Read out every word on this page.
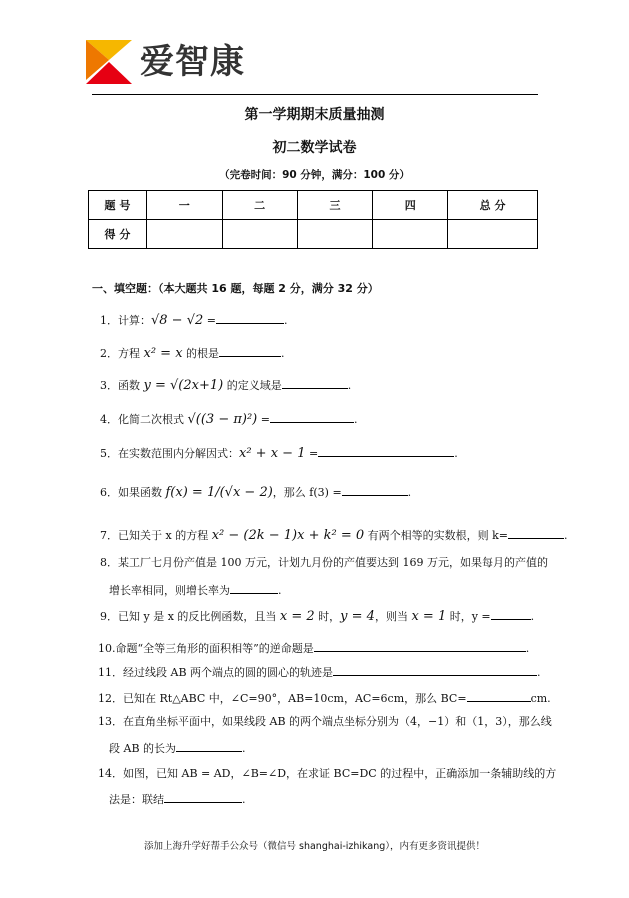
爱智康
第一学期期末质量抽测
初二数学试卷
（完卷时间：90 分钟，满分：100 分）
题 号	一	二	三	四	总 分
得 分					
一、填空题：（本大题共 16 题，每题 2 分，满分 32 分）
1．计算：√8 − √2 =	.
2．方程 x² = x 的根是	.
3．函数 y = √(2x+1) 的定义域是	.
4．化简二次根式 √((3 − π)²) =	.
5．在实数范围内分解因式：x² + x − 1 =	.
6．如果函数 f(x) = 1/(√x − 2)，那么 f(3) =	.
7．已知关于 x 的方程 x² − (2k − 1)x + k² = 0 有两个相等的实数根，则 k=	.
8．某工厂七月份产值是 100 万元，计划九月份的产值要达到 169 万元，如果每月的产值的
增长率相同，则增长率为	.
9．已知 y 是 x 的反比例函数，且当 x = 2 时，y = 4，则当 x = 1 时，y =	.
10.命题“全等三角形的面积相等”的逆命题是	.
11．经过线段 AB 两个端点的圆的圆心的轨迹是	.
12．已知在 Rt△ABC 中，∠C=90°，AB=10cm，AC=6cm，那么 BC=	cm.
13．在直角坐标平面中，如果线段 AB 的两个端点坐标分别为（4，−1）和（1，3），那么线
段 AB 的长为	.
14．如图，已知 AB = AD，∠B=∠D，在求证 BC=DC 的过程中，正确添加一条辅助线的方
法是：联结	.
添加上海升学好帮手公众号（微信号 shanghai-izhikang），内有更多资讯提供！
